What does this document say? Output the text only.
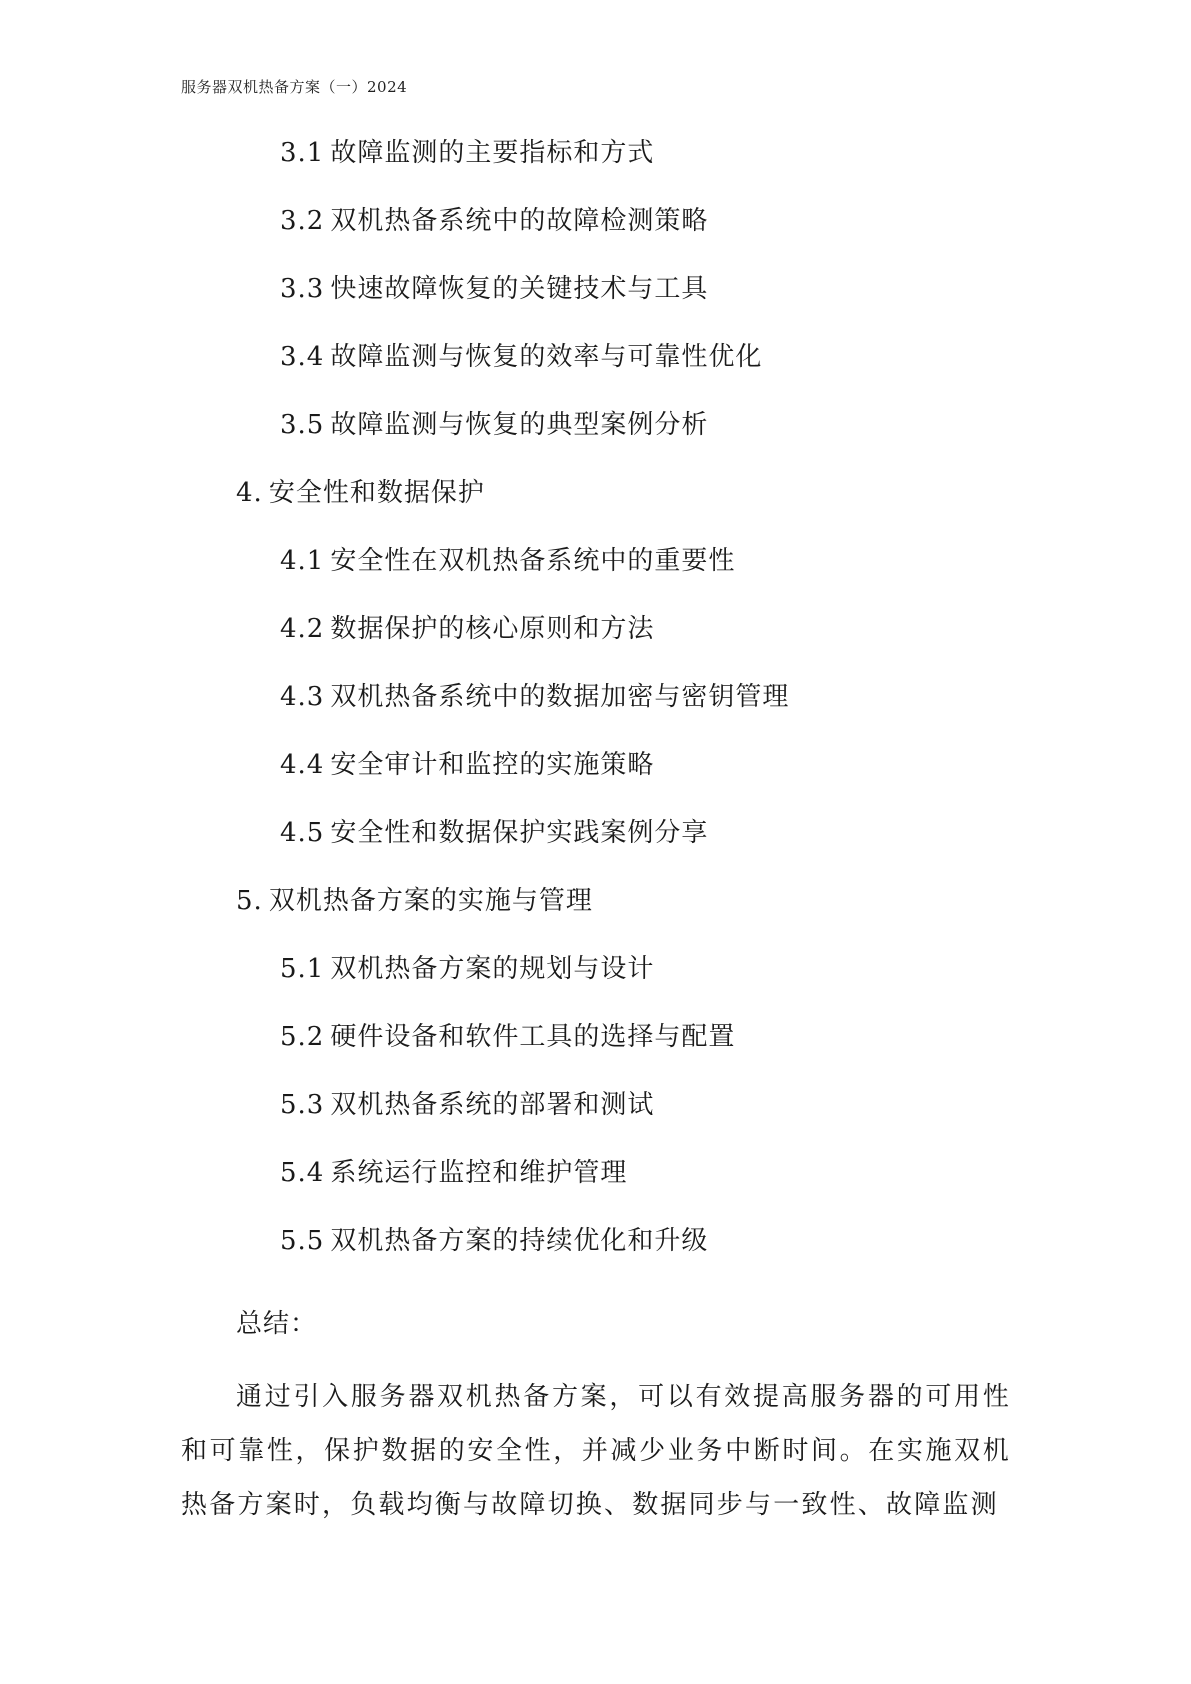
服务器双机热备方案（一）2024
3.1 故障监测的主要指标和方式
3.2 双机热备系统中的故障检测策略
3.3 快速故障恢复的关键技术与工具
3.4 故障监测与恢复的效率与可靠性优化
3.5 故障监测与恢复的典型案例分析
4. 安全性和数据保护
4.1 安全性在双机热备系统中的重要性
4.2 数据保护的核心原则和方法
4.3 双机热备系统中的数据加密与密钥管理
4.4 安全审计和监控的实施策略
4.5 安全性和数据保护实践案例分享
5. 双机热备方案的实施与管理
5.1 双机热备方案的规划与设计
5.2 硬件设备和软件工具的选择与配置
5.3 双机热备系统的部署和测试
5.4 系统运行监控和维护管理
5.5 双机热备方案的持续优化和升级
总结：
通过引入服务器双机热备方案，可以有效提高服务器的可用性和可靠性，保护数据的安全性，并减少业务中断时间。在实施双机热备方案时，负载均衡与故障切换、数据同步与一致性、故障监测
